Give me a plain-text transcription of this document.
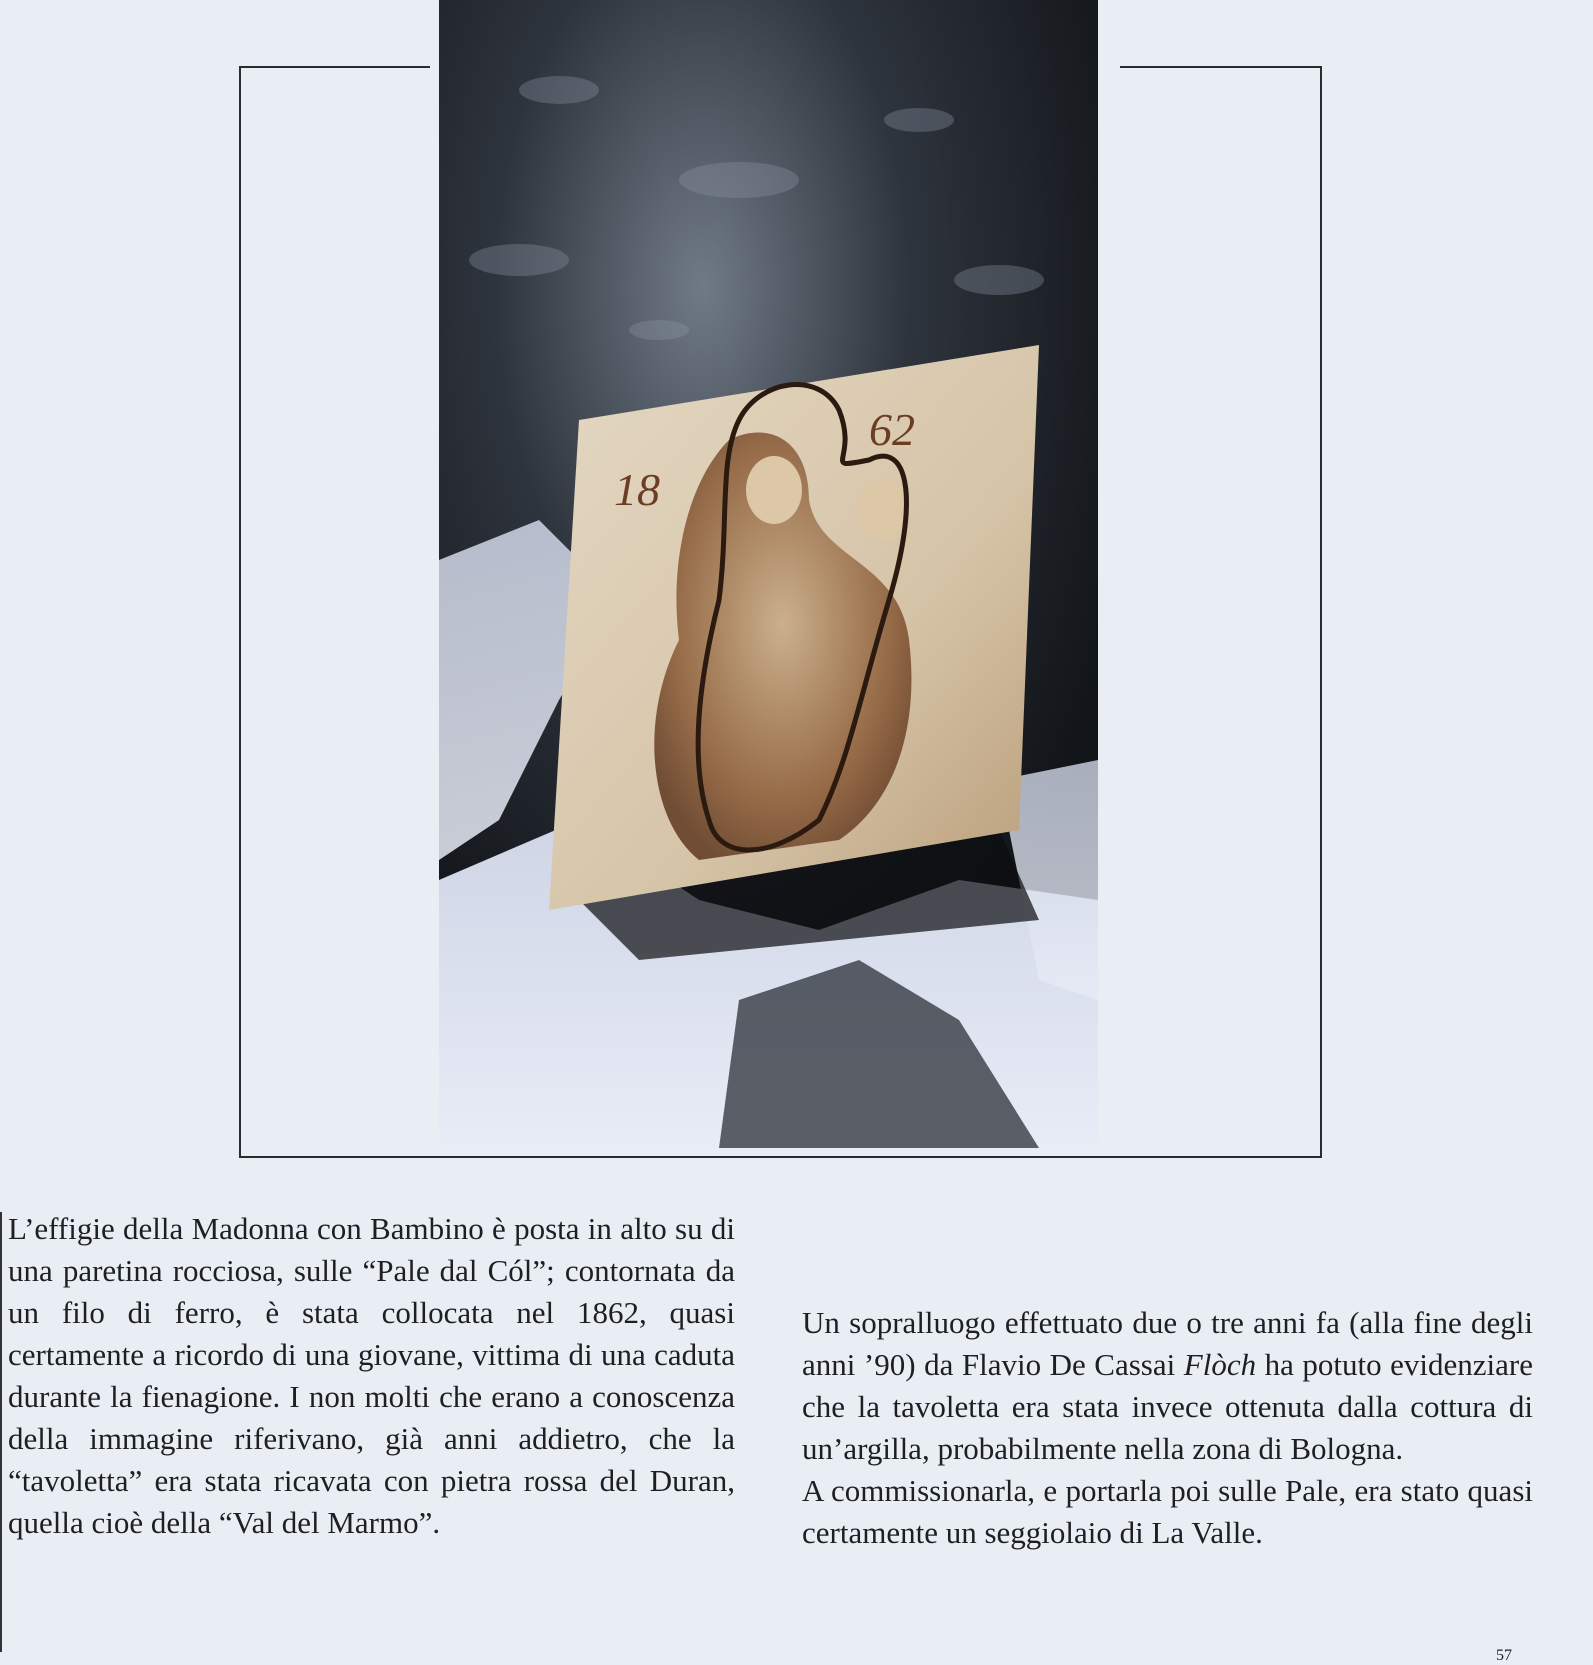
18
62

L’effigie della Madonna con Bambino è posta in alto su di una paretina rocciosa, sulle “Pale dal Cól”; contornata da un filo di ferro, è stata collocata nel 1862, quasi certamente a ricordo di una giovane, vittima di una caduta durante la fienagione. I non molti che erano a conoscenza della immagine riferivano, già anni addietro, che la “tavoletta” era stata ricavata con pietra rossa del Duran, quella cioè della “Val del Marmo”.

Un sopralluogo effettuato due o tre anni fa (alla fine degli anni ’90) da Flavio De Cassai Flòch ha potuto evidenziare che la tavoletta era stata invece ottenuta dalla cottura di un’argilla, probabilmente nella zona di Bologna.

A commissionarla, e portarla poi sulle Pale, era stato quasi certamente un seggiolaio di La Valle.

57
